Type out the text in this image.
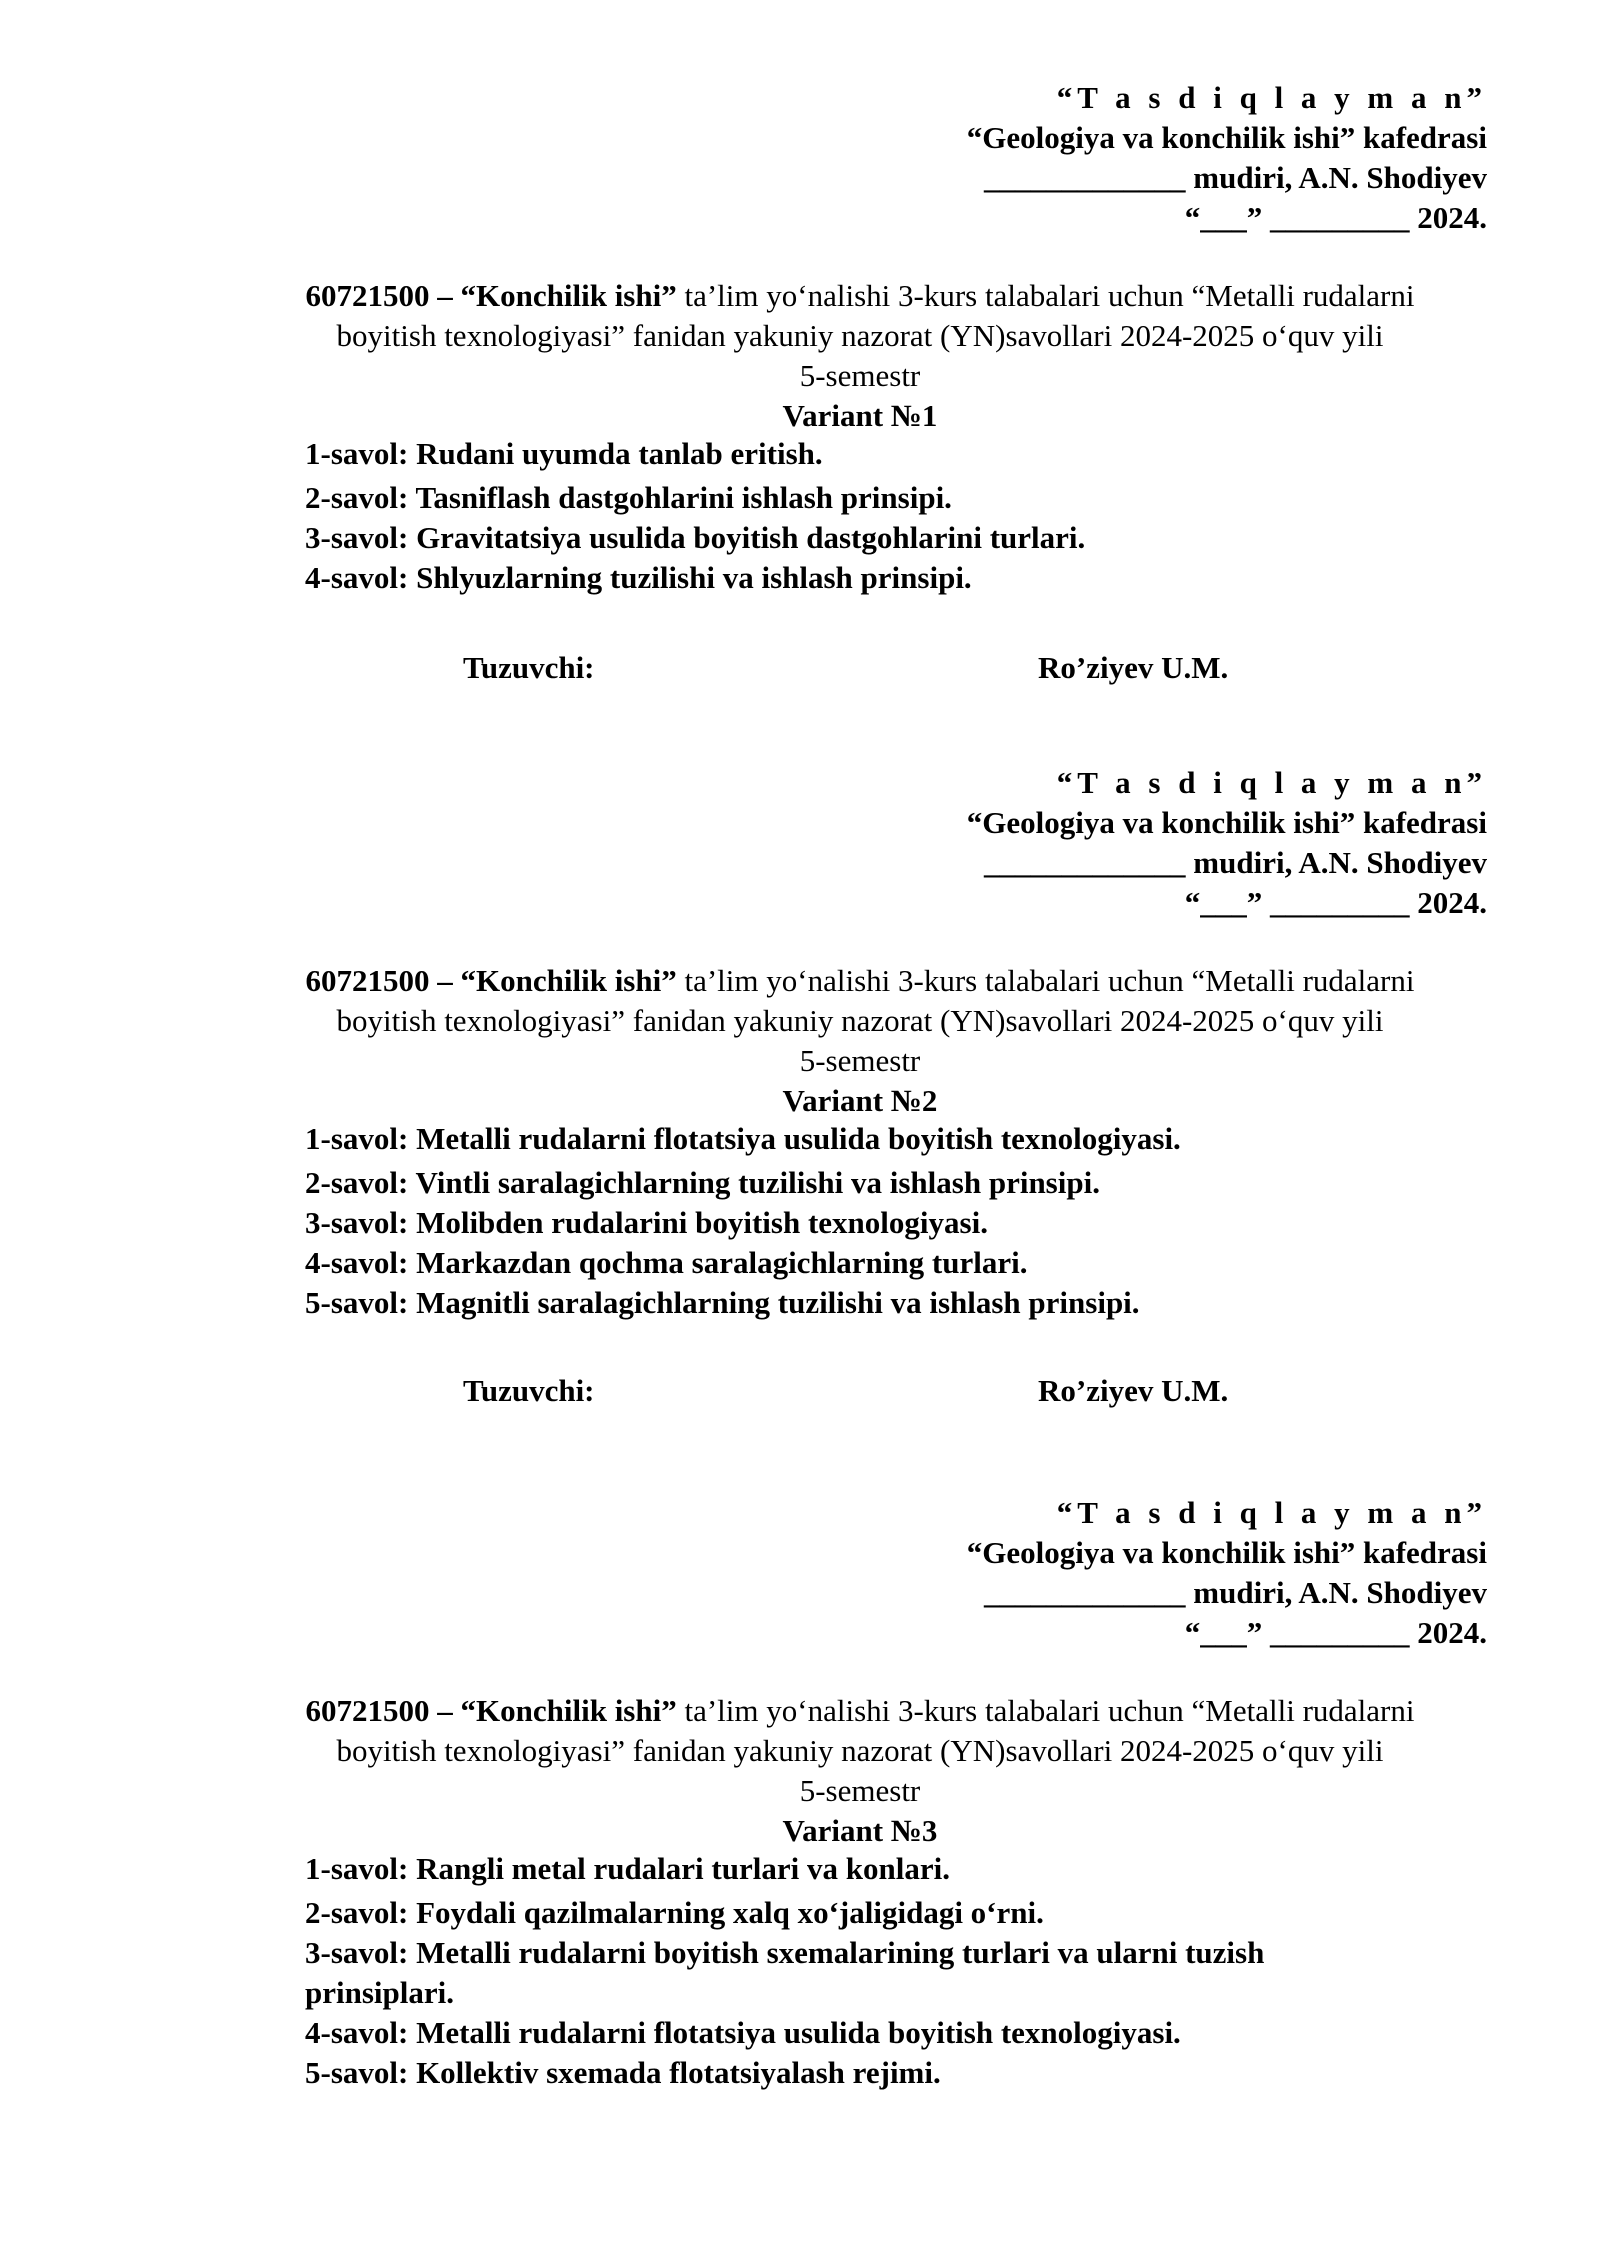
“T a s d i q l a y m a n”
“Geologiya va konchilik ishi” kafedrasi
_____________ mudiri, A.N. Shodiyev
“___” _________ 2024.
60721500 – “Konchilik ishi” ta’lim yo‘nalishi 3-kurs talabalari uchun “Metalli rudalarni
boyitish texnologiyasi” fanidan yakuniy nazorat (YN)savollari 2024-2025 o‘quv yili
5-semestr
Variant №1

1-savol: Rudani uyumda tanlab eritish.

2-savol: Tasniflash dastgohlarini ishlash prinsipi.

3-savol: Gravitatsiya usulida boyitish dastgohlarini turlari.

4-savol: Shlyuzlarning tuzilishi va ishlash prinsipi.

Tuzuvchi:	Ro’ziyev U.M.
“T a s d i q l a y m a n”
“Geologiya va konchilik ishi” kafedrasi
_____________ mudiri, A.N. Shodiyev
“___” _________ 2024.
60721500 – “Konchilik ishi” ta’lim yo‘nalishi 3-kurs talabalari uchun “Metalli rudalarni
boyitish texnologiyasi” fanidan yakuniy nazorat (YN)savollari 2024-2025 o‘quv yili
5-semestr
Variant №2

1-savol: Metalli rudalarni flotatsiya usulida boyitish texnologiyasi.

2-savol: Vintli saralagichlarning tuzilishi va ishlash prinsipi.

3-savol: Molibden rudalarini boyitish texnologiyasi.

4-savol: Markazdan qochma saralagichlarning turlari.

5-savol: Magnitli saralagichlarning tuzilishi va ishlash prinsipi.

Tuzuvchi:	Ro’ziyev U.M.
“T a s d i q l a y m a n”
“Geologiya va konchilik ishi” kafedrasi
_____________ mudiri, A.N. Shodiyev
“___” _________ 2024.
60721500 – “Konchilik ishi” ta’lim yo‘nalishi 3-kurs talabalari uchun “Metalli rudalarni
boyitish texnologiyasi” fanidan yakuniy nazorat (YN)savollari 2024-2025 o‘quv yili
5-semestr
Variant №3

1-savol: Rangli metal rudalari turlari va konlari.

2-savol: Foydali qazilmalarning xalq xo‘jaligidagi o‘rni.

3-savol: Metalli rudalarni boyitish sxemalarining turlari va ularni tuzish prinsiplari.

4-savol: Metalli rudalarni flotatsiya usulida boyitish texnologiyasi.

5-savol: Kollektiv sxemada flotatsiyalash rejimi.
